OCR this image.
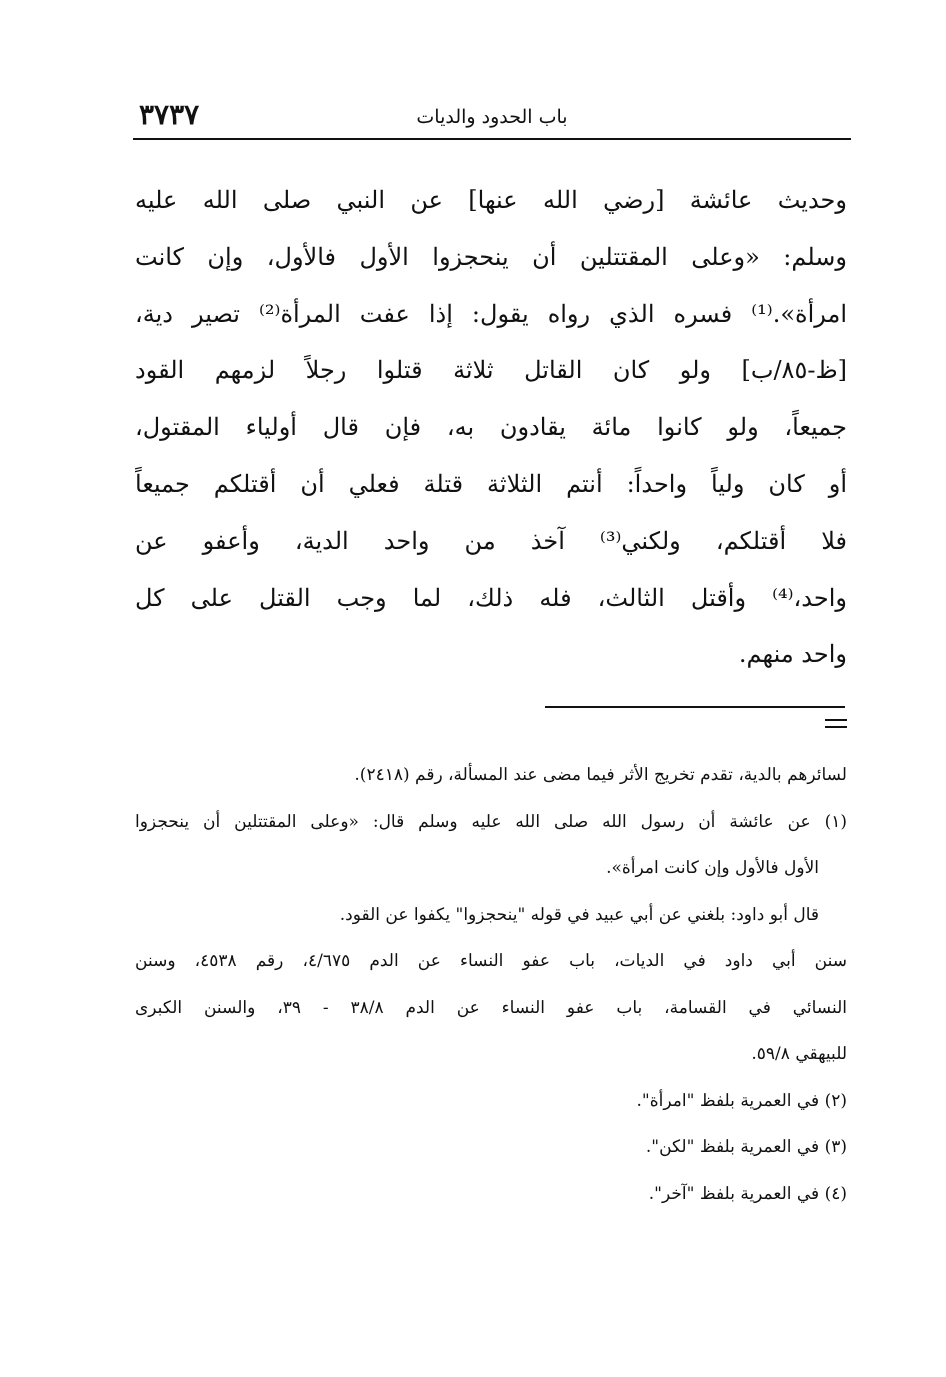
٣٧٣٧	باب الحدود والديات
وحديث عائشة [رضي الله عنها] عن النبي صلى الله عليه
وسلم: «وعلى المقتتلين أن ينحجزوا الأول فالأول، وإن كانت
امرأة».⁽¹⁾ فسره الذي رواه يقول: إذا عفت المرأة⁽²⁾ تصير دية،
[ظ-٨٥/ب] ولو كان القاتل ثلاثة قتلوا رجلاً لزمهم القود
جميعاً، ولو كانوا مائة يقادون به، فإن قال أولياء المقتول،
أو كان ولياً واحداً: أنتم الثلاثة قتلة فعلي أن أقتلكم جميعاً
فلا أقتلكم، ولكني⁽³⁾ آخذ من واحد الدية، وأعفو عن
واحد،⁽⁴⁾ وأقتل الثالث، فله ذلك، لما وجب القتل على كل
واحد منهم.
لسائرهم بالدية، تقدم تخريج الأثر فيما مضى عند المسألة، رقم (٢٤١٨).
(١) عن عائشة أن رسول الله صلى الله عليه وسلم قال: «وعلى المقتتلين أن ينحجزوا
الأول فالأول وإن كانت امرأة».
قال أبو داود: بلغني عن أبي عبيد في قوله "ينحجزوا" يكفوا عن القود.
سنن أبي داود في الديات، باب عفو النساء عن الدم ٤/٦٧٥، رقم ٤٥٣٨، وسنن
النسائي في القسامة، باب عفو النساء عن الدم ٣٨/٨ - ٣٩، والسنن الكبرى
للبيهقي ٥٩/٨.
(٢) في العمرية بلفظ "امرأة".
(٣) في العمرية بلفظ "لكن".
(٤) في العمرية بلفظ "آخر".
